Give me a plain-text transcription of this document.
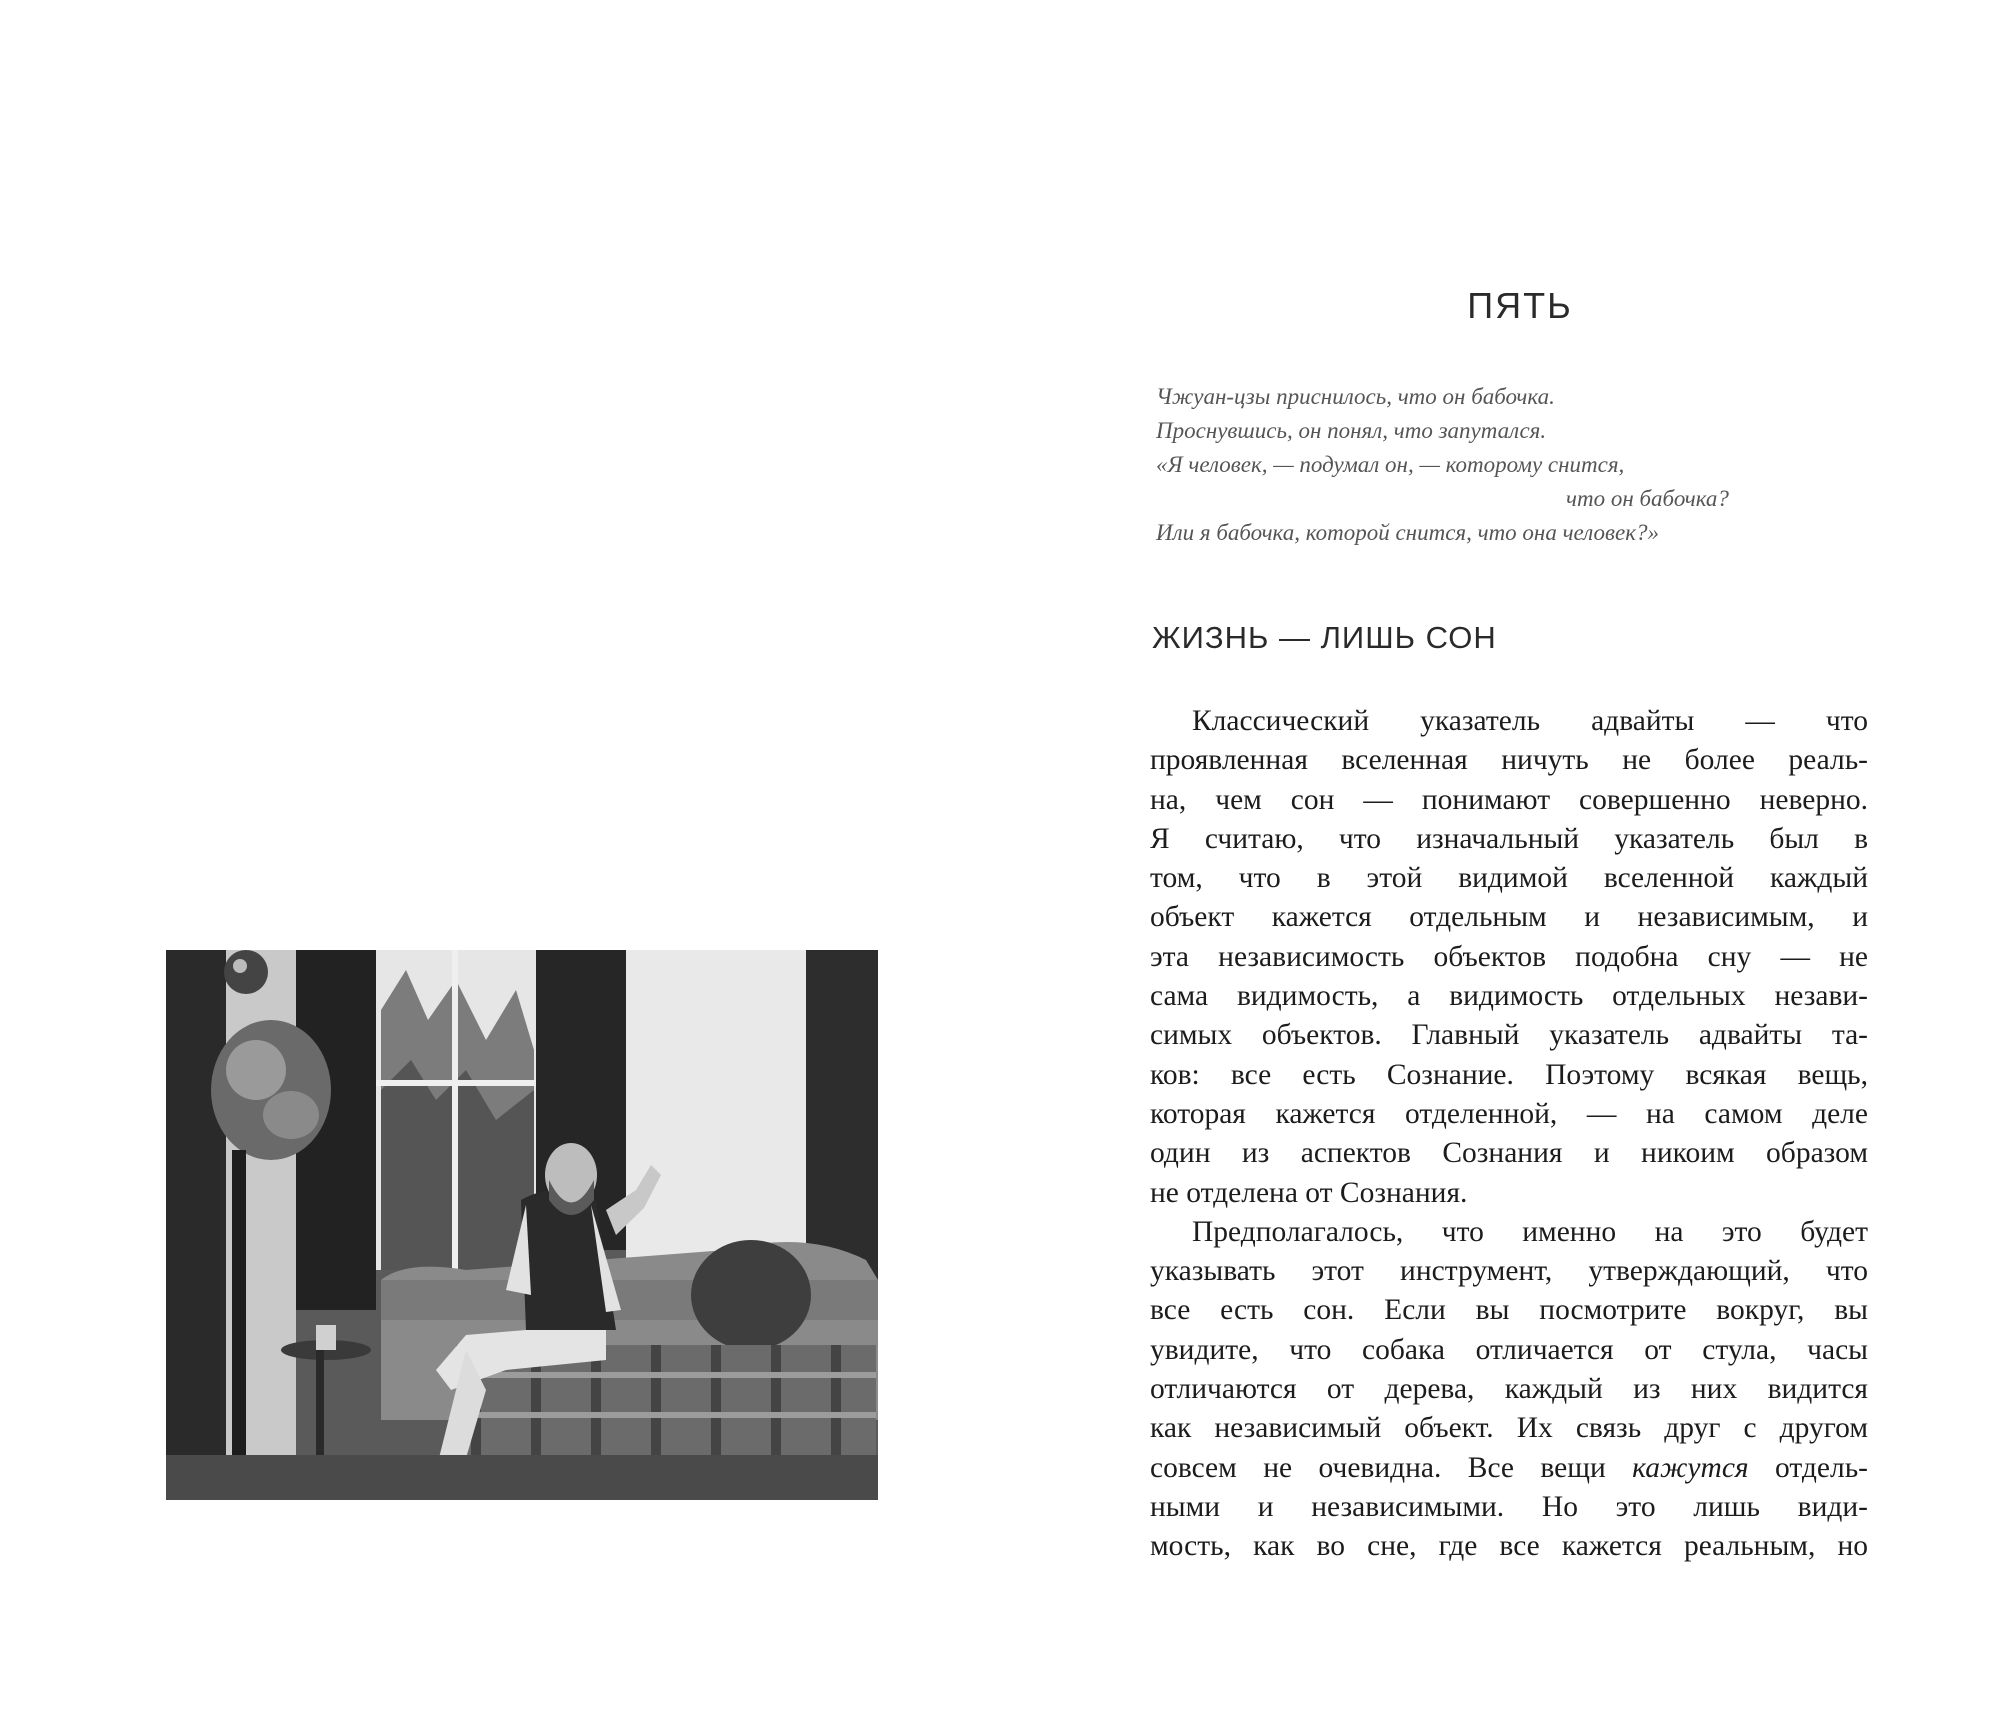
ПЯТЬ
Чжуан-цзы приснилось, что он бабочка.
Проснувшись, он понял, что запутался.
«Я человек, — подумал он, — которому снится,
что он бабочка?
Или я бабочка, которой снится, что она человек?»
ЖИЗНЬ — ЛИШЬ СОН
Классический указатель адвайты — что
проявленная вселенная ничуть не более реаль-
на, чем сон — понимают совершенно неверно.
Я считаю, что изначальный указатель был в
том, что в этой видимой вселенной каждый
объект кажется отдельным и независимым, и
эта независимость объектов подобна сну — не
сама видимость, а видимость отдельных незави-
симых объектов. Главный указатель адвайты та-
ков: все есть Сознание. Поэтому всякая вещь,
которая кажется отделенной, — на самом деле
один из аспектов Сознания и никоим образом
не отделена от Сознания.
Предполагалось, что именно на это будет
указывать этот инструмент, утверждающий, что
все есть сон. Если вы посмотрите вокруг, вы
увидите, что собака отличается от стула, часы
отличаются от дерева, каждый из них видится
как независимый объект. Их связь друг с другом
совсем не очевидна. Все вещи кажутся отдель-
ными и независимыми. Но это лишь види-
мость, как во сне, где все кажется реальным, но
